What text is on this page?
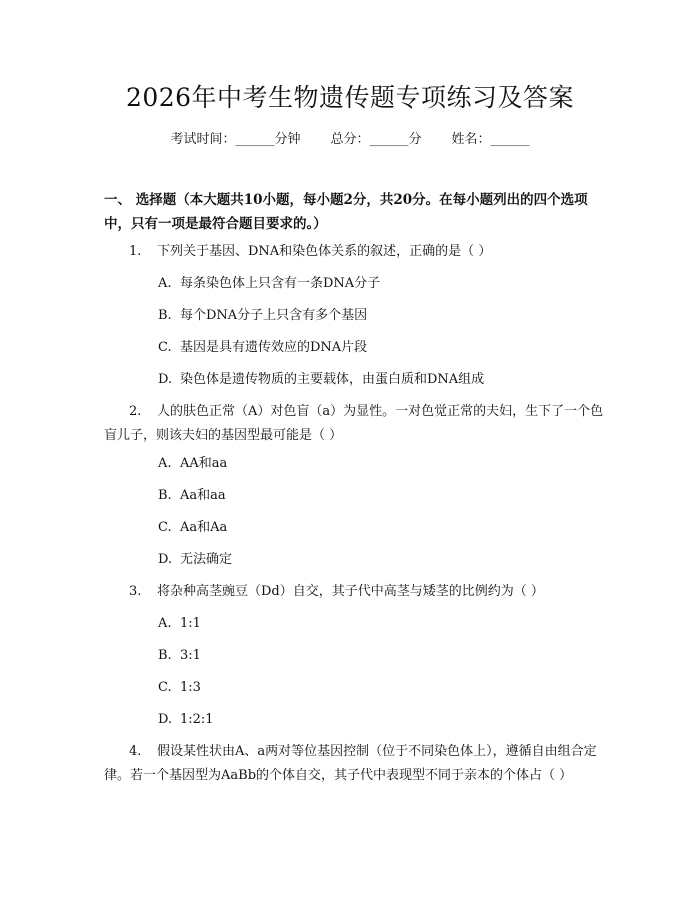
2026年中考生物遗传题专项练习及答案
考试时间：______分钟 总分：______分 姓名：______
一、 选择题（本大题共10小题，每小题2分，共20分。在每小题列出的四个选项中，只有一项是最符合题目要求的。）
1. 下列关于基因、DNA和染色体关系的叙述，正确的是（ ）
A. 每条染色体上只含有一条DNA分子
B. 每个DNA分子上只含有多个基因
C. 基因是具有遗传效应的DNA片段
D. 染色体是遗传物质的主要载体，由蛋白质和DNA组成
2. 人的肤色正常（A）对色盲（a）为显性。一对色觉正常的夫妇，生下了一个色盲儿子，则该夫妇的基因型最可能是（ ）
A. AA和aa
B. Aa和aa
C. Aa和Aa
D. 无法确定
3. 将杂种高茎豌豆（Dd）自交，其子代中高茎与矮茎的比例约为（ ）
A. 1:1
B. 3:1
C. 1:3
D. 1:2:1
4. 假设某性状由A、a两对等位基因控制（位于不同染色体上），遵循自由组合定律。若一个基因型为AaBb的个体自交，其子代中表现型不同于亲本的个体占（ ）
